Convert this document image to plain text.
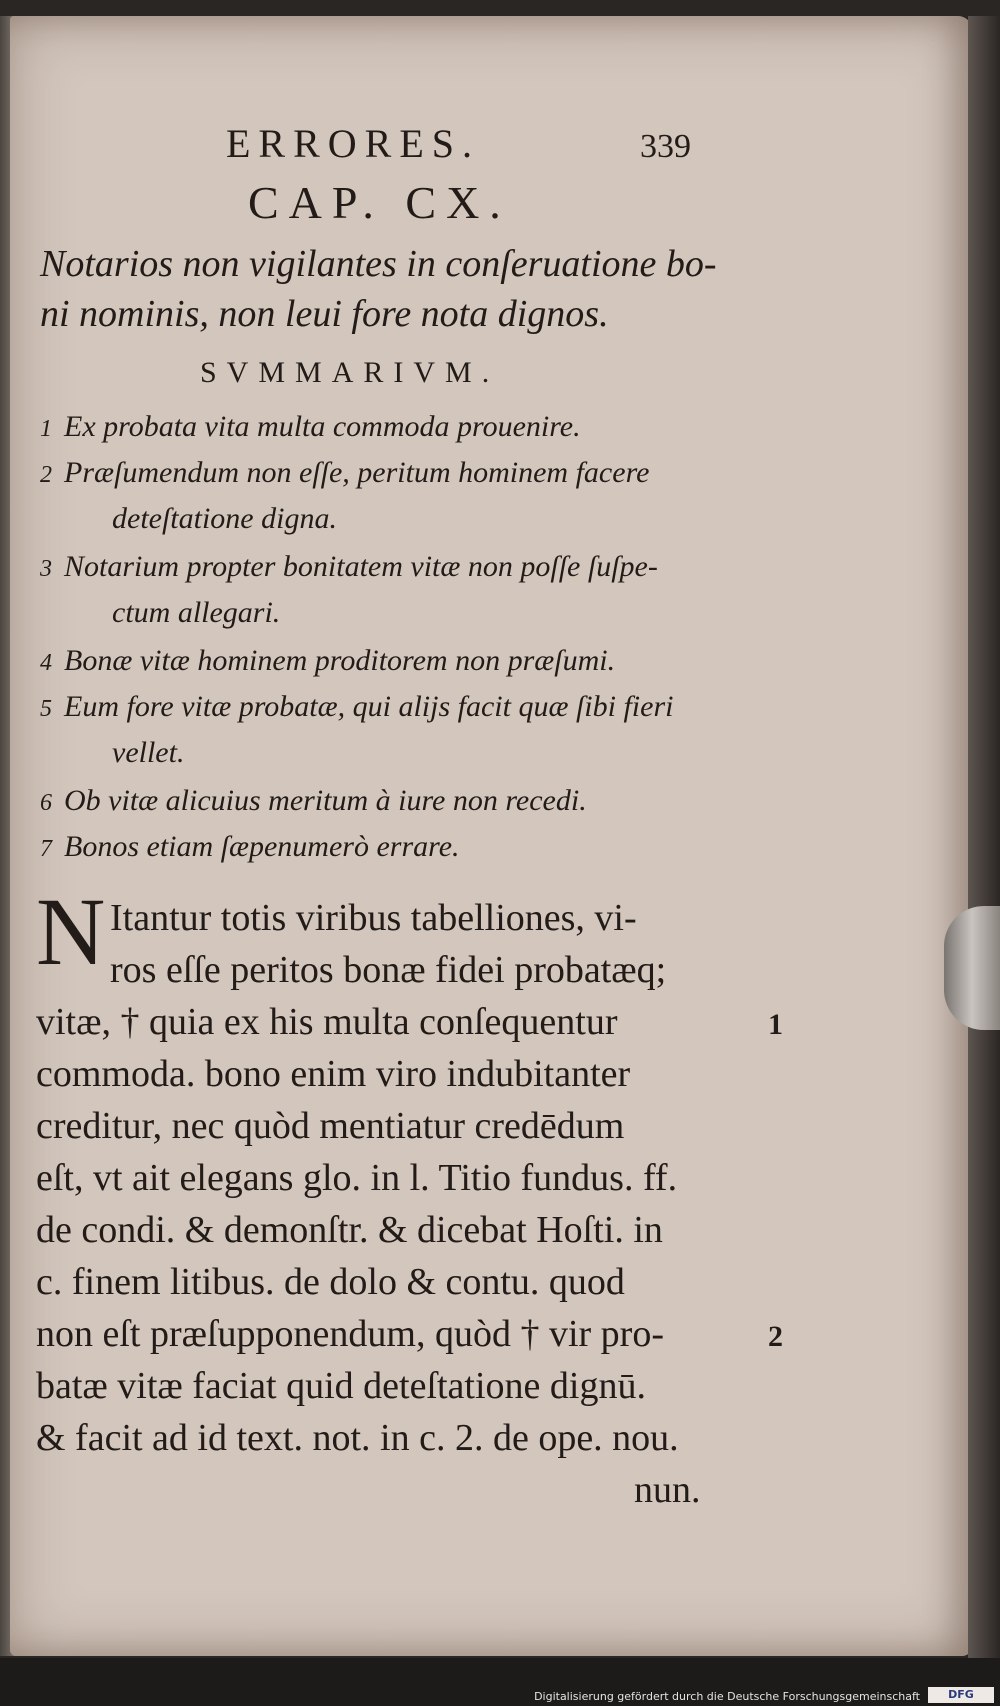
ERRORES.	339
CAP. CX.
Notarios non vigilantes in conſeruatione bo-
ni nominis, non leui fore nota dignos.
SVMMARIVM.
1 Ex probata vita multa commoda prouenire.
2 Præſumendum non eſſe, peritum hominem facere
deteſtatione digna.
3 Notarium propter bonitatem vitæ non poſſe ſuſpe-
ctum allegari.
4 Bonæ vitæ hominem proditorem non præſumi.
5 Eum fore vitæ probatæ, qui alijs facit quæ ſibi fieri
vellet.
6 Ob vitæ alicuius meritum à iure non recedi.
7 Bonos etiam ſæpenumerò errare.
N Itantur totis viribus tabelliones, vi-
ros eſſe peritos bonæ fidei probatæq;
vitæ, † quia ex his multa conſequentur
commoda. bono enim viro indubitanter
creditur, nec quòd mentiatur credēdum
eſt, vt ait elegans glo. in l. Titio fundus. ff.
de condi. & demonſtr. & dicebat Hoſti. in
c. finem litibus. de dolo & contu. quod
non eſt præſupponendum, quòd † vir pro-
batæ vitæ faciat quid deteſtatione dignū.
& facit ad id text. not. in c. 2. de ope. nou.
nun.
1
2
Digitalisierung gefördert durch die Deutsche Forschungsgemeinschaft	DFG
